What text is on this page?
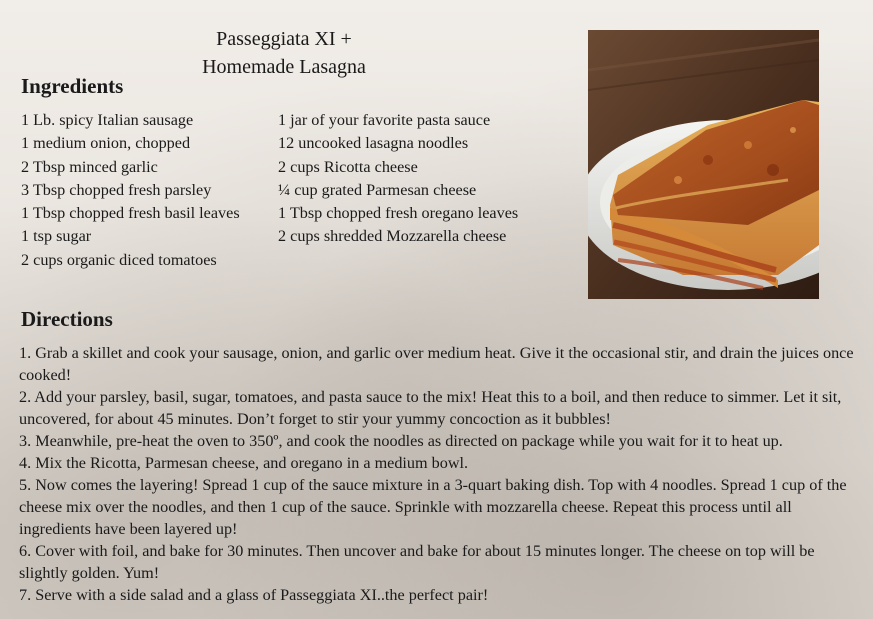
Passeggiata XI +
Homemade Lasagna
Ingredients
1 Lb. spicy Italian sausage
1 medium onion, chopped
2 Tbsp minced garlic
3 Tbsp chopped fresh parsley
1 Tbsp chopped fresh basil leaves
1 tsp sugar
2 cups organic diced tomatoes
1 jar of your favorite pasta sauce
12 uncooked lasagna noodles
2 cups Ricotta cheese
¼ cup grated Parmesan cheese
1 Tbsp chopped fresh oregano leaves
2 cups shredded Mozzarella cheese
Directions
1. Grab a skillet and cook your sausage, onion, and garlic over medium heat. Give it the occasional stir, and drain the juices once cooked!
2. Add your parsley, basil, sugar, tomatoes, and pasta sauce to the mix! Heat this to a boil, and then reduce to simmer. Let it sit, uncovered, for about 45 minutes. Don’t forget to stir your yummy concoction as it bubbles!
3. Meanwhile, pre-heat the oven to 350º, and cook the noodles as directed on package while you wait for it to heat up.
4. Mix the Ricotta, Parmesan cheese, and oregano in a medium bowl.
5. Now comes the layering! Spread 1 cup of the sauce mixture in a 3-quart baking dish. Top with 4 noodles. Spread 1 cup of the cheese mix over the noodles, and then 1 cup of the sauce. Sprinkle with mozzarella cheese. Repeat this process until all ingredients have been layered up!
6. Cover with foil, and bake for 30 minutes. Then uncover and bake for about 15 minutes longer. The cheese on top will be slightly golden. Yum!
7. Serve with a side salad and a glass of Passeggiata XI..the perfect pair!
